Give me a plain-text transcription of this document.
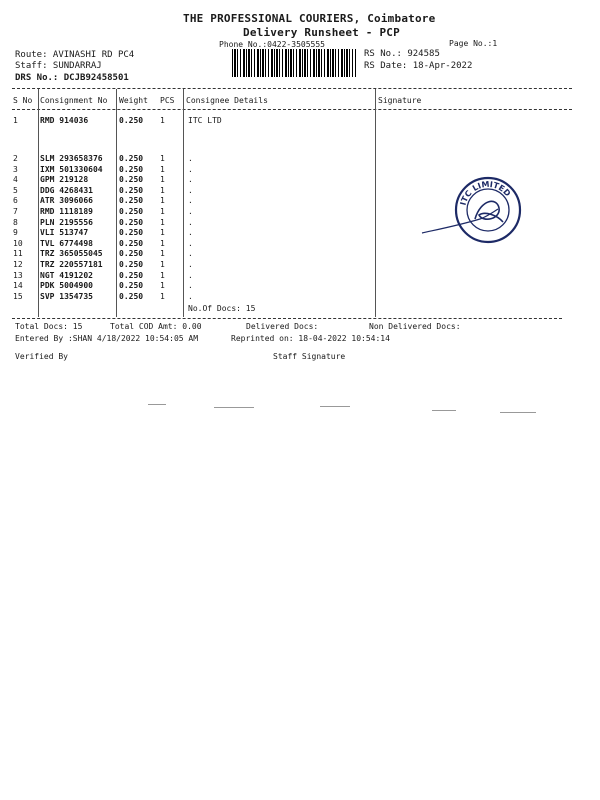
THE PROFESSIONAL COURIERS, Coimbatore
Delivery Runsheet - PCP
Phone No.:0422-3505555	Page No.:1
Route: AVINASHI RD PC4
Staff: SUNDARRAJ
DRS No.: DCJB92458501
RS No.: 924585
RS Date: 18-Apr-2022
S No Consignment No Weight PCS Consignee Details	Signature
1	RMD 914036	0.250 1	ITC LTD
2	SLM 293658376 0.250 1	.
3	IXM 501330604 0.250 1	.
4	GPM 219128	0.250 1	.
5	DDG 4268431	0.250 1	.
6	ATR 3096066	0.250 1	.
7	RMD 1118189	0.250 1	.
8	PLN 2195556	0.250 1	.
9	VLI 513747	0.250 1	.
10 TVL 6774498	0.250 1	.
11 TRZ 365055045 0.250 1	.
12 TRZ 220557181 0.250 1	.
13 NGT 4191202	0.250 1	.
14 PDK 5004900	0.250 1	.
15 SVP 1354735	0.250 1	.
No.Of Docs: 15
Total Docs: 15	Total COD Amt: 0.00	Delivered Docs:	Non Delivered Docs:
Entered By :SHAN 4/18/2022 10:54:05 AM	Reprinted on: 18-04-2022 10:54:14
Verified By	Staff Signature
ITC LIMITED
